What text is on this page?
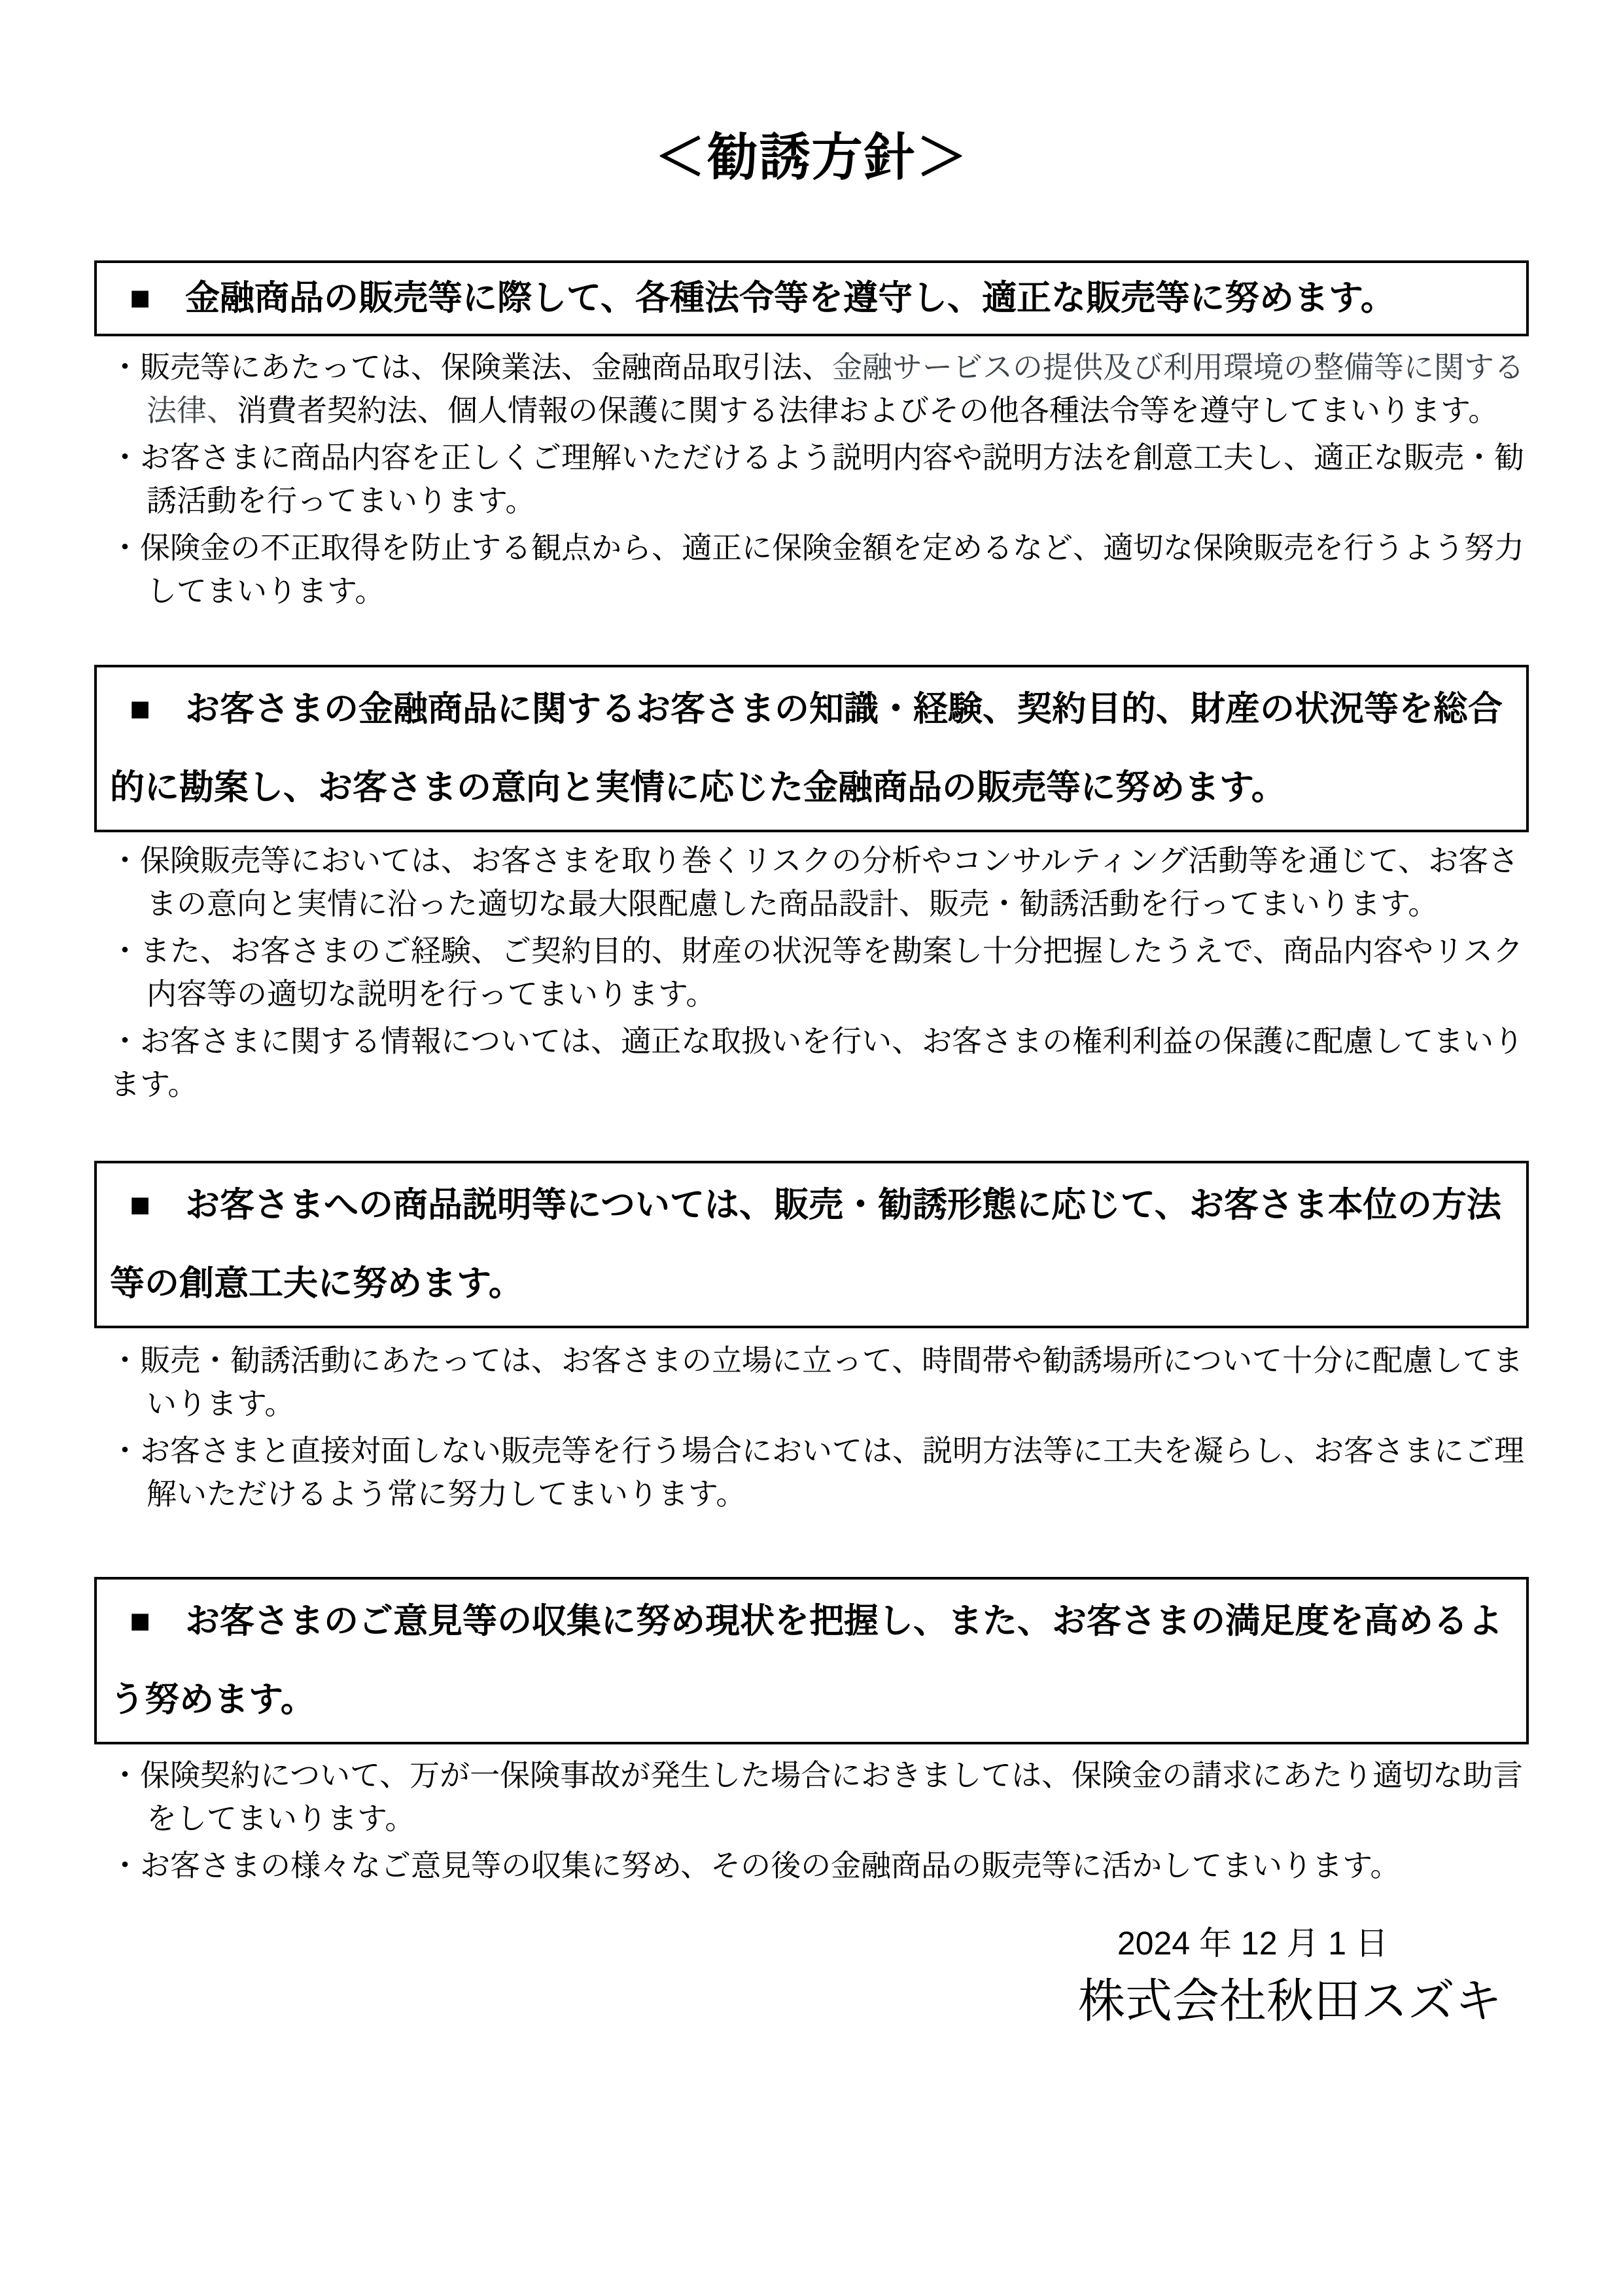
＜勧誘方針＞

■　金融商品の販売等に際して、各種法令等を遵守し、適正な販売等に努めます。

・販売等にあたっては、保険業法、金融商品取引法、金融サービスの提供及び利用環境の整備等に関する法律、消費者契約法、個人情報の保護に関する法律およびその他各種法令等を遵守してまいります。
・お客さまに商品内容を正しくご理解いただけるよう説明内容や説明方法を創意工夫し、適正な販売・勧誘活動を行ってまいります。
・保険金の不正取得を防止する観点から、適正に保険金額を定めるなど、適切な保険販売を行うよう努力してまいります。

■　お客さまの金融商品に関するお客さまの知識・経験、契約目的、財産の状況等を総合的に勘案し、お客さまの意向と実情に応じた金融商品の販売等に努めます。

・保険販売等においては、お客さまを取り巻くリスクの分析やコンサルティング活動等を通じて、お客さまの意向と実情に沿った適切な最大限配慮した商品設計、販売・勧誘活動を行ってまいります。
・また、お客さまのご経験、ご契約目的、財産の状況等を勘案し十分把握したうえで、商品内容やリスク内容等の適切な説明を行ってまいります。
・お客さまに関する情報については、適正な取扱いを行い、お客さまの権利利益の保護に配慮してまいります。

■　お客さまへの商品説明等については、販売・勧誘形態に応じて、お客さま本位の方法等の創意工夫に努めます。

・販売・勧誘活動にあたっては、お客さまの立場に立って、時間帯や勧誘場所について十分に配慮してまいります。
・お客さまと直接対面しない販売等を行う場合においては、説明方法等に工夫を凝らし、お客さまにご理解いただけるよう常に努力してまいります。

■　お客さまのご意見等の収集に努め現状を把握し、また、お客さまの満足度を高めるよう努めます。

・保険契約について、万が一保険事故が発生した場合におきましては、保険金の請求にあたり適切な助言をしてまいります。
・お客さまの様々なご意見等の収集に努め、その後の金融商品の販売等に活かしてまいります。

2024 年 12 月 1 日

株式会社秋田スズキ
